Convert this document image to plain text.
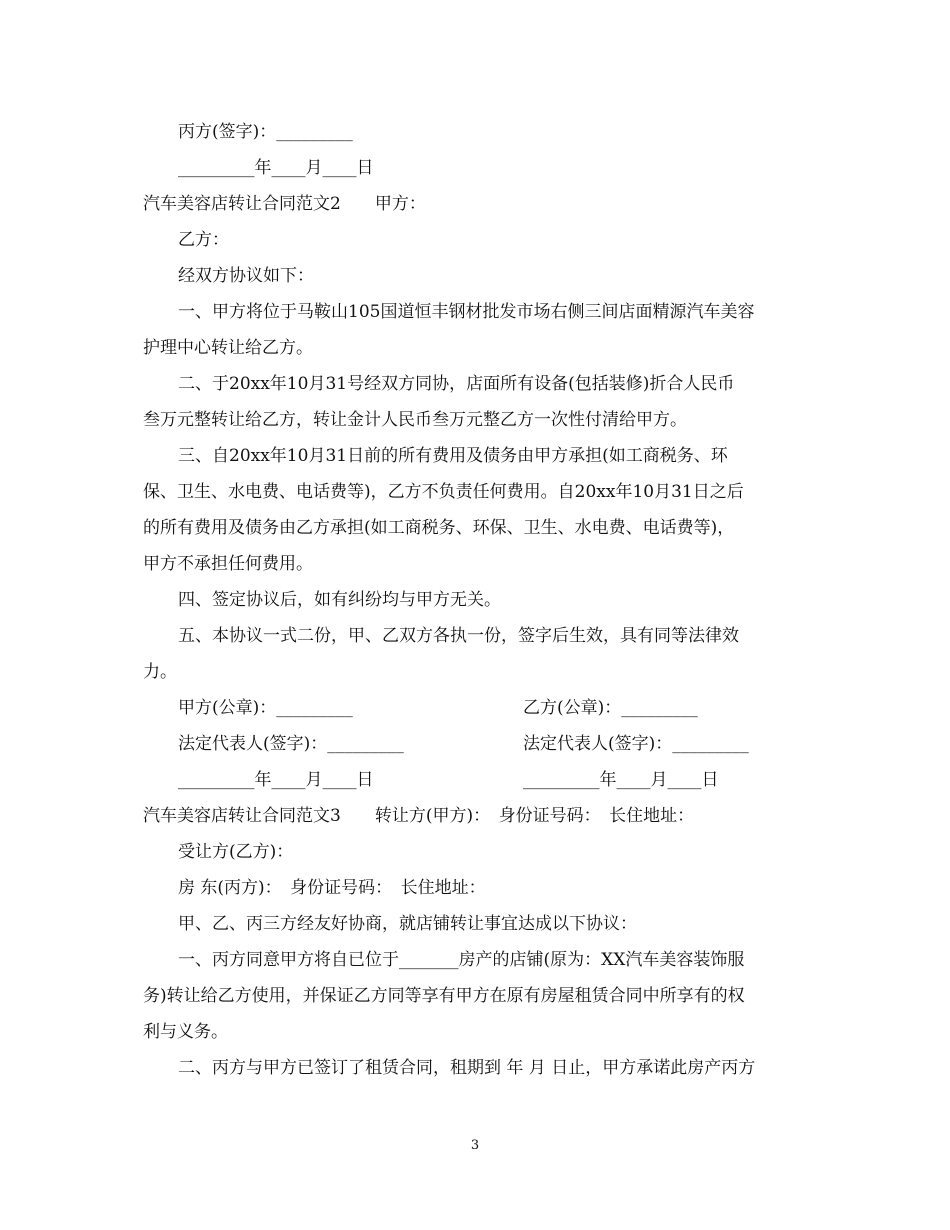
丙方(签字)：_________
_________年____月____日
汽车美容店转让合同范文2　　甲方：
乙方：
经双方协议如下：
一、甲方将位于马鞍山105国道恒丰钢材批发市场右侧三间店面精源汽车美容
护理中心转让给乙方。
二、于20xx年10月31号经双方同协，店面所有设备(包括装修)折合人民币
叁万元整转让给乙方，转让金计人民币叁万元整乙方一次性付清给甲方。
三、自20xx年10月31日前的所有费用及债务由甲方承担(如工商税务、环
保、卫生、水电费、电话费等)，乙方不负责任何费用。自20xx年10月31日之后
的所有费用及债务由乙方承担(如工商税务、环保、卫生、水电费、电话费等)，
甲方不承担任何费用。
四、签定协议后，如有纠纷均与甲方无关。
五、本协议一式二份，甲、乙双方各执一份，签字后生效，具有同等法律效
力。
甲方(公章)：_________	乙方(公章)：_________
法定代表人(签字)：_________	法定代表人(签字)：_________
_________年____月____日	_________年____月____日
汽车美容店转让合同范文3　　转让方(甲方)：　身份证号码：　长住地址：
受让方(乙方)：
房 东(丙方)：　身份证号码：　长住地址：
甲、乙、丙三方经友好协商，就店铺转让事宜达成以下协议：
一、丙方同意甲方将自已位于_______房产的店铺(原为：XX汽车美容装饰服
务)转让给乙方使用，并保证乙方同等享有甲方在原有房屋租赁合同中所享有的权
利与义务。
二、丙方与甲方已签订了租赁合同，租期到 年 月 日止，甲方承诺此房产丙方
3
